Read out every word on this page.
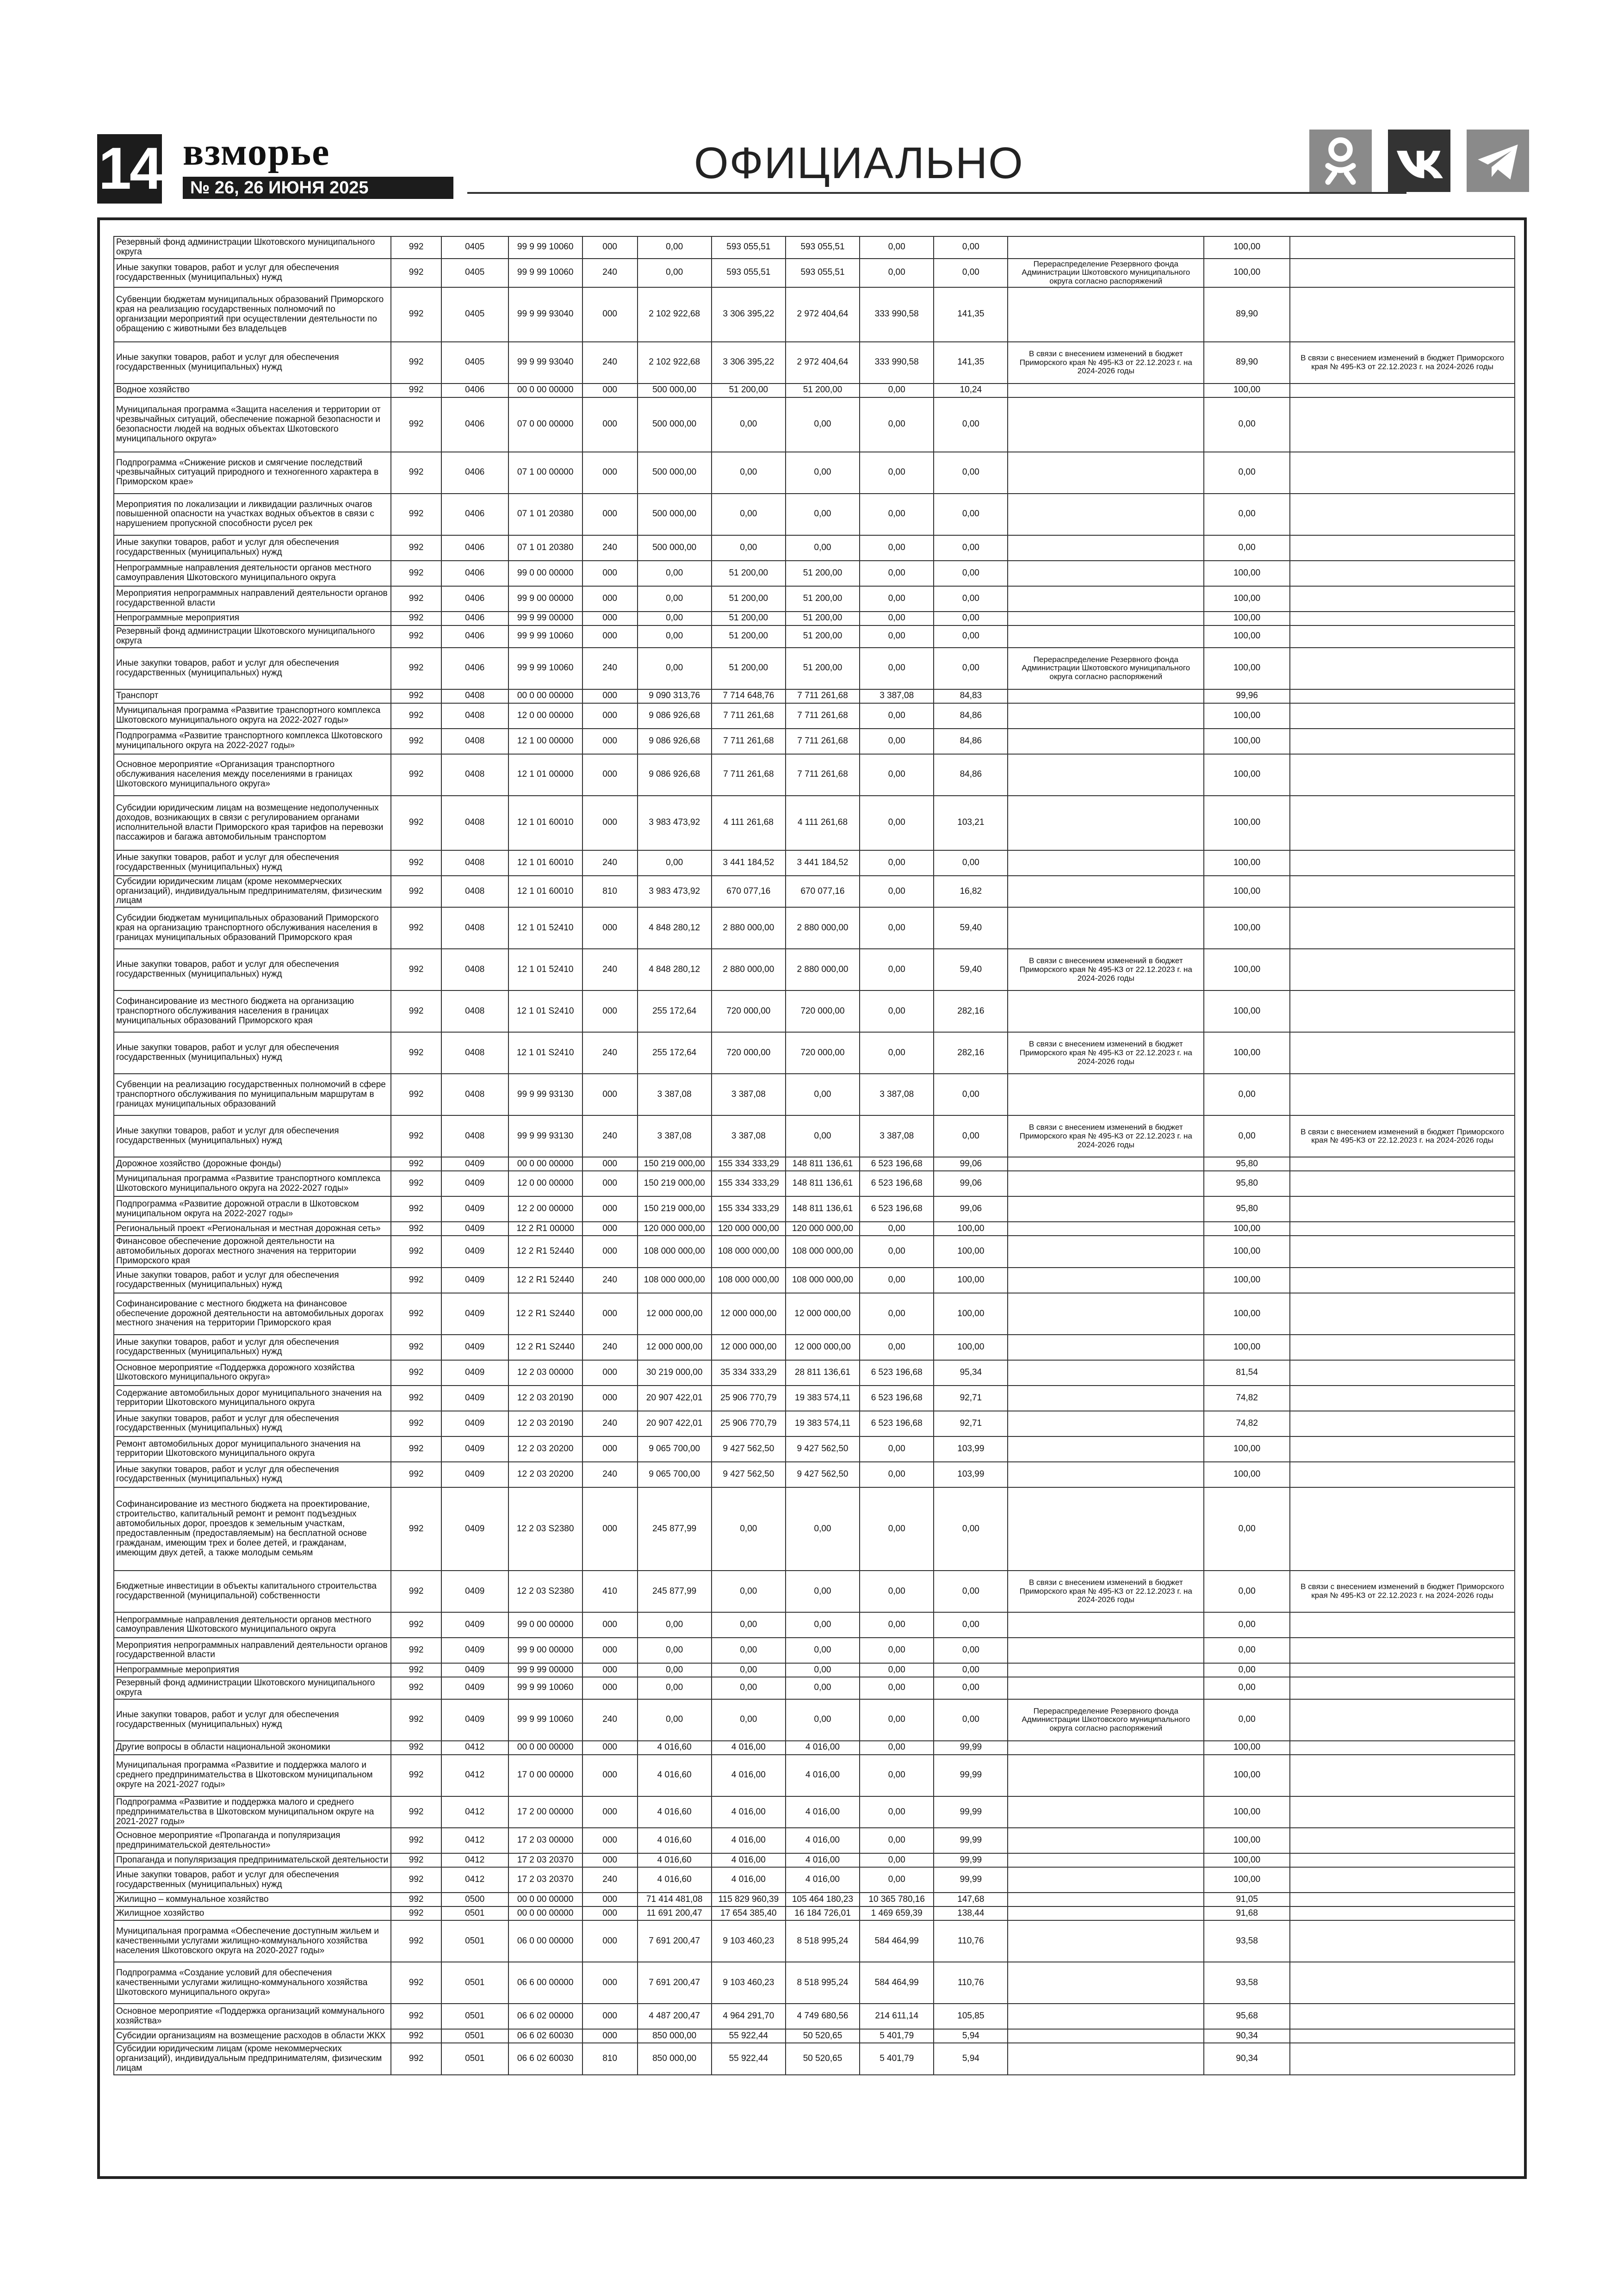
14 взморье
№ 26, 26 ИЮНЯ 2025	ОФИЦИАЛЬНО
Резервный фонд администрации Шкотовского муниципального округа	992	0405	99 9 99 10060	000	0,00	593 055,51	593 055,51	0,00	0,00		100,00	
Иные закупки товаров, работ и услуг для обеспечения государственных (муниципальных) нужд	992	0405	99 9 99 10060	240	0,00	593 055,51	593 055,51	0,00	0,00	Перераспределение Резервного фонда Администрации Шкотовского муниципального округа согласно распоряжений	100,00	
Субвенции бюджетам муниципальных образований Приморского края на реализацию государственных полномочий по организации мероприятий при осуществлении деятельности по обращению с животными без владельцев	992	0405	99 9 99 93040	000	2 102 922,68	3 306 395,22	2 972 404,64	333 990,58	141,35		89,90	
Иные закупки товаров, работ и услуг для обеспечения государственных (муниципальных) нужд	992	0405	99 9 99 93040	240	2 102 922,68	3 306 395,22	2 972 404,64	333 990,58	141,35	В связи с внесением изменений в бюджет Приморского края № 495-КЗ от 22.12.2023 г. на 2024-2026 годы	89,90	В связи с внесением изменений в бюджет Приморского края № 495-КЗ от 22.12.2023 г. на 2024-2026 годы
Водное хозяйство	992	0406	00 0 00 00000	000	500 000,00	51 200,00	51 200,00	0,00	10,24		100,00	
Муниципальная программа «Защита населения и территории от чрезвычайных ситуаций, обеспечение пожарной безопасности и безопасности людей на водных объектах Шкотовского муниципального округа»	992	0406	07 0 00 00000	000	500 000,00	0,00	0,00	0,00	0,00		0,00	
Подпрограмма «Снижение рисков и смягчение последствий чрезвычайных ситуаций природного и техногенного характера в Приморском крае»	992	0406	07 1 00 00000	000	500 000,00	0,00	0,00	0,00	0,00		0,00	
Мероприятия по локализации и ликвидации различных очагов повышенной опасности на участках водных объектов в связи с нарушением пропускной способности русел рек	992	0406	07 1 01 20380	000	500 000,00	0,00	0,00	0,00	0,00		0,00	
Иные закупки товаров, работ и услуг для обеспечения государственных (муниципальных) нужд	992	0406	07 1 01 20380	240	500 000,00	0,00	0,00	0,00	0,00		0,00	
Непрограммные направления деятельности органов местного самоуправления Шкотовского муниципального округа	992	0406	99 0 00 00000	000	0,00	51 200,00	51 200,00	0,00	0,00		100,00	
Мероприятия непрограммных направлений деятельности органов государственной власти	992	0406	99 9 00 00000	000	0,00	51 200,00	51 200,00	0,00	0,00		100,00	
Непрограммные мероприятия	992	0406	99 9 99 00000	000	0,00	51 200,00	51 200,00	0,00	0,00		100,00	
Резервный фонд администрации Шкотовского муниципального округа	992	0406	99 9 99 10060	000	0,00	51 200,00	51 200,00	0,00	0,00		100,00	
Иные закупки товаров, работ и услуг для обеспечения государственных (муниципальных) нужд	992	0406	99 9 99 10060	240	0,00	51 200,00	51 200,00	0,00	0,00	Перераспределение Резервного фонда Администрации Шкотовского муниципального округа согласно распоряжений	100,00	
Транспорт	992	0408	00 0 00 00000	000	9 090 313,76	7 714 648,76	7 711 261,68	3 387,08	84,83		99,96	
Муниципальная программа «Развитие транспортного комплекса Шкотовского муниципального округа на 2022-2027 годы»	992	0408	12 0 00 00000	000	9 086 926,68	7 711 261,68	7 711 261,68	0,00	84,86		100,00	
Подпрограмма «Развитие транспортного комплекса Шкотовского муниципального округа на 2022-2027 годы»	992	0408	12 1 00 00000	000	9 086 926,68	7 711 261,68	7 711 261,68	0,00	84,86		100,00	
Основное мероприятие «Организация транспортного обслуживания населения между поселениями в границах Шкотовского муниципального округа»	992	0408	12 1 01 00000	000	9 086 926,68	7 711 261,68	7 711 261,68	0,00	84,86		100,00	
Субсидии юридическим лицам на возмещение недополученных доходов, возникающих в связи с регулированием органами исполнительной власти Приморского края тарифов на перевозки пассажиров и багажа автомобильным транспортом	992	0408	12 1 01 60010	000	3 983 473,92	4 111 261,68	4 111 261,68	0,00	103,21		100,00	
Иные закупки товаров, работ и услуг для обеспечения государственных (муниципальных) нужд	992	0408	12 1 01 60010	240	0,00	3 441 184,52	3 441 184,52	0,00	0,00		100,00	
Субсидии юридическим лицам (кроме некоммерческих организаций), индивидуальным предпринимателям, физическим лицам	992	0408	12 1 01 60010	810	3 983 473,92	670 077,16	670 077,16	0,00	16,82		100,00	
Субсидии бюджетам муниципальных образований Приморского края на организацию транспортного обслуживания населения в границах муниципальных образований Приморского края	992	0408	12 1 01 52410	000	4 848 280,12	2 880 000,00	2 880 000,00	0,00	59,40		100,00	
Иные закупки товаров, работ и услуг для обеспечения государственных (муниципальных) нужд	992	0408	12 1 01 52410	240	4 848 280,12	2 880 000,00	2 880 000,00	0,00	59,40	В связи с внесением изменений в бюджет Приморского края № 495-КЗ от 22.12.2023 г. на 2024-2026 годы	100,00	
Софинансирование из местного бюджета на организацию транспортного обслуживания населения в границах муниципальных образований Приморского края	992	0408	12 1 01 S2410	000	255 172,64	720 000,00	720 000,00	0,00	282,16		100,00	
Иные закупки товаров, работ и услуг для обеспечения государственных (муниципальных) нужд	992	0408	12 1 01 S2410	240	255 172,64	720 000,00	720 000,00	0,00	282,16	В связи с внесением изменений в бюджет Приморского края № 495-КЗ от 22.12.2023 г. на 2024-2026 годы	100,00	
Субвенции на реализацию государственных полномочий в сфере транспортного обслуживания по муниципальным маршрутам в границах муниципальных образований	992	0408	99 9 99 93130	000	3 387,08	3 387,08	0,00	3 387,08	0,00		0,00	
Иные закупки товаров, работ и услуг для обеспечения государственных (муниципальных) нужд	992	0408	99 9 99 93130	240	3 387,08	3 387,08	0,00	3 387,08	0,00	В связи с внесением изменений в бюджет Приморского края № 495-КЗ от 22.12.2023 г. на 2024-2026 годы	0,00	В связи с внесением изменений в бюджет Приморского края № 495-КЗ от 22.12.2023 г. на 2024-2026 годы
Дорожное хозяйство (дорожные фонды)	992	0409	00 0 00 00000	000	150 219 000,00	155 334 333,29	148 811 136,61	6 523 196,68	99,06		95,80	
Муниципальная программа «Развитие транспортного комплекса Шкотовского муниципального округа на 2022-2027 годы»	992	0409	12 0 00 00000	000	150 219 000,00	155 334 333,29	148 811 136,61	6 523 196,68	99,06		95,80	
Подпрограмма «Развитие дорожной отрасли в Шкотовском муниципальном округа на 2022-2027 годы»	992	0409	12 2 00 00000	000	150 219 000,00	155 334 333,29	148 811 136,61	6 523 196,68	99,06		95,80	
Региональный проект «Региональная и местная дорожная сеть»	992	0409	12 2 R1 00000	000	120 000 000,00	120 000 000,00	120 000 000,00	0,00	100,00		100,00	
Финансовое обеспечение дорожной деятельности на автомобильных дорогах местного значения на территории Приморского края	992	0409	12 2 R1 52440	000	108 000 000,00	108 000 000,00	108 000 000,00	0,00	100,00		100,00	
Иные закупки товаров, работ и услуг для обеспечения государственных (муниципальных) нужд	992	0409	12 2 R1 52440	240	108 000 000,00	108 000 000,00	108 000 000,00	0,00	100,00		100,00	
Софинансирование с местного бюджета на финансовое обеспечение дорожной деятельности на автомобильных дорогах местного значения на территории Приморского края	992	0409	12 2 R1 S2440	000	12 000 000,00	12 000 000,00	12 000 000,00	0,00	100,00		100,00	
Иные закупки товаров, работ и услуг для обеспечения государственных (муниципальных) нужд	992	0409	12 2 R1 S2440	240	12 000 000,00	12 000 000,00	12 000 000,00	0,00	100,00		100,00	
Основное мероприятие «Поддержка дорожного хозяйства Шкотовского муниципального округа»	992	0409	12 2 03 00000	000	30 219 000,00	35 334 333,29	28 811 136,61	6 523 196,68	95,34		81,54	
Содержание автомобильных дорог муниципального значения на территории Шкотовского муниципального округа	992	0409	12 2 03 20190	000	20 907 422,01	25 906 770,79	19 383 574,11	6 523 196,68	92,71		74,82	
Иные закупки товаров, работ и услуг для обеспечения государственных (муниципальных) нужд	992	0409	12 2 03 20190	240	20 907 422,01	25 906 770,79	19 383 574,11	6 523 196,68	92,71		74,82	
Ремонт автомобильных дорог муниципального значения на территории Шкотовского муниципального округа	992	0409	12 2 03 20200	000	9 065 700,00	9 427 562,50	9 427 562,50	0,00	103,99		100,00	
Иные закупки товаров, работ и услуг для обеспечения государственных (муниципальных) нужд	992	0409	12 2 03 20200	240	9 065 700,00	9 427 562,50	9 427 562,50	0,00	103,99		100,00	
Софинансирование из местного бюджета на проектирование, строительство, капитальный ремонт и ремонт подъездных автомобильных дорог, проездов к земельным участкам, предоставленным (предоставляемым) на бесплатной основе гражданам, имеющим трех и более детей, и гражданам, имеющим двух детей, а также молодым семьям	992	0409	12 2 03 S2380	000	245 877,99	0,00	0,00	0,00	0,00		0,00	
Бюджетные инвестиции в объекты капитального строительства государственной (муниципальной) собственности	992	0409	12 2 03 S2380	410	245 877,99	0,00	0,00	0,00	0,00	В связи с внесением изменений в бюджет Приморского края № 495-КЗ от 22.12.2023 г. на 2024-2026 годы	0,00	В связи с внесением изменений в бюджет Приморского края № 495-КЗ от 22.12.2023 г. на 2024-2026 годы
Непрограммные направления деятельности органов местного самоуправления Шкотовского муниципального округа	992	0409	99 0 00 00000	000	0,00	0,00	0,00	0,00	0,00		0,00	
Мероприятия непрограммных направлений деятельности органов государственной власти	992	0409	99 9 00 00000	000	0,00	0,00	0,00	0,00	0,00		0,00	
Непрограммные мероприятия	992	0409	99 9 99 00000	000	0,00	0,00	0,00	0,00	0,00		0,00	
Резервный фонд администрации Шкотовского муниципального округа	992	0409	99 9 99 10060	000	0,00	0,00	0,00	0,00	0,00		0,00	
Иные закупки товаров, работ и услуг для обеспечения государственных (муниципальных) нужд	992	0409	99 9 99 10060	240	0,00	0,00	0,00	0,00	0,00	Перераспределение Резервного фонда Администрации Шкотовского муниципального округа согласно распоряжений	0,00	
Другие вопросы в области национальной экономики	992	0412	00 0 00 00000	000	4 016,60	4 016,00	4 016,00	0,00	99,99		100,00	
Муниципальная программа «Развитие и поддержка малого и среднего предпринимательства в Шкотовском муниципальном округе на 2021-2027 годы»	992	0412	17 0 00 00000	000	4 016,60	4 016,00	4 016,00	0,00	99,99		100,00	
Подпрограмма «Развитие и поддержка малого и среднего предпринимательства в Шкотовском муниципальном округе на 2021-2027 годы»	992	0412	17 2 00 00000	000	4 016,60	4 016,00	4 016,00	0,00	99,99		100,00	
Основное мероприятие «Пропаганда и популяризация предпринимательской деятельности»	992	0412	17 2 03 00000	000	4 016,60	4 016,00	4 016,00	0,00	99,99		100,00	
Пропаганда и популяризация предпринимательской деятельности	992	0412	17 2 03 20370	000	4 016,60	4 016,00	4 016,00	0,00	99,99		100,00	
Иные закупки товаров, работ и услуг для обеспечения государственных (муниципальных) нужд	992	0412	17 2 03 20370	240	4 016,60	4 016,00	4 016,00	0,00	99,99		100,00	
Жилищно – коммунальное хозяйство	992	0500	00 0 00 00000	000	71 414 481,08	115 829 960,39	105 464 180,23	10 365 780,16	147,68		91,05	
Жилищное хозяйство	992	0501	00 0 00 00000	000	11 691 200,47	17 654 385,40	16 184 726,01	1 469 659,39	138,44		91,68	
Муниципальная программа «Обеспечение доступным жильем и качественными услугами жилищно-коммунального хозяйства населения Шкотовского округа на 2020-2027 годы»	992	0501	06 0 00 00000	000	7 691 200,47	9 103 460,23	8 518 995,24	584 464,99	110,76		93,58	
Подпрограмма «Создание условий для обеспечения качественными услугами жилищно-коммунального хозяйства Шкотовского муниципального округа»	992	0501	06 6 00 00000	000	7 691 200,47	9 103 460,23	8 518 995,24	584 464,99	110,76		93,58	
Основное мероприятие «Поддержка организаций коммунального хозяйства»	992	0501	06 6 02 00000	000	4 487 200,47	4 964 291,70	4 749 680,56	214 611,14	105,85		95,68	
Субсидии организациям на возмещение расходов в области ЖКХ	992	0501	06 6 02 60030	000	850 000,00	55 922,44	50 520,65	5 401,79	5,94		90,34	
Субсидии юридическим лицам (кроме некоммерческих организаций), индивидуальным предпринимателям, физическим лицам	992	0501	06 6 02 60030	810	850 000,00	55 922,44	50 520,65	5 401,79	5,94		90,34	
